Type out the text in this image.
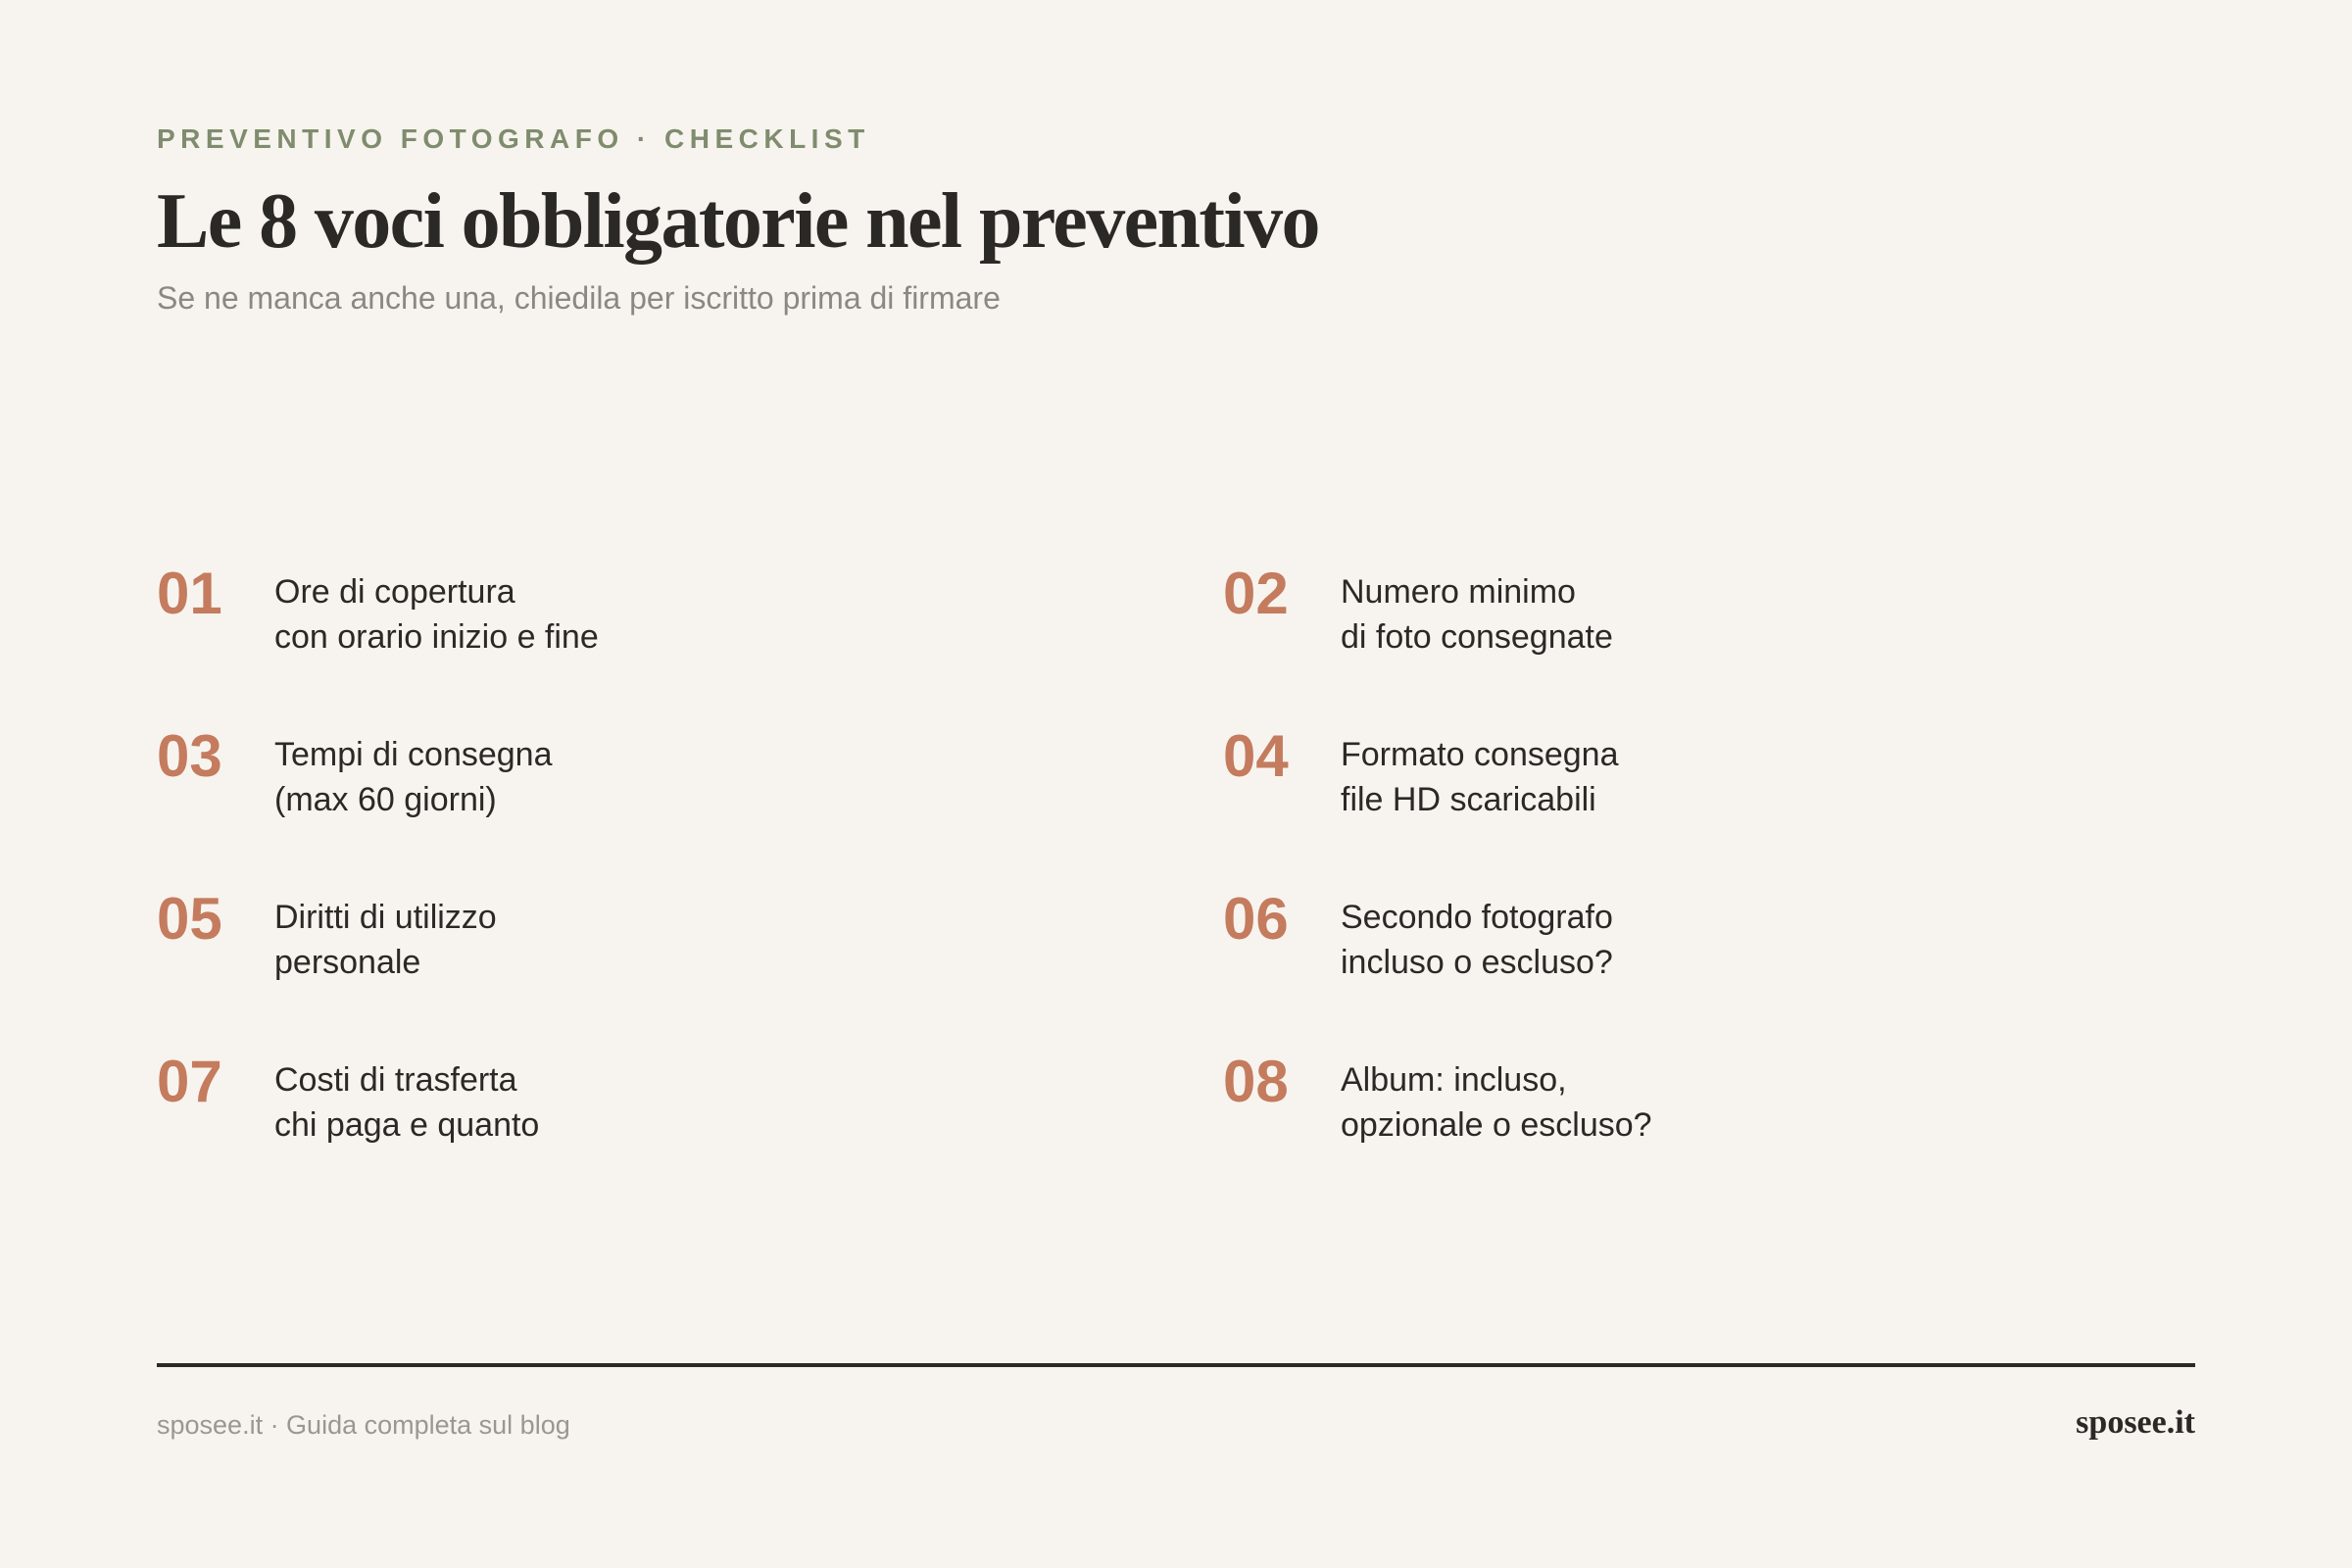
PREVENTIVO FOTOGRAFO · CHECKLIST
Le 8 voci obbligatorie nel preventivo
Se ne manca anche una, chiedila per iscritto prima di firmare
01	Ore di copertura
con orario inizio e fine
02	Numero minimo
di foto consegnate
03	Tempi di consegna
(max 60 giorni)
04	Formato consegna
file HD scaricabili
05	Diritti di utilizzo
personale
06	Secondo fotografo
incluso o escluso?
07	Costi di trasferta
chi paga e quanto
08	Album: incluso,
opzionale o escluso?
sposee.it · Guida completa sul blog	sposee.it
